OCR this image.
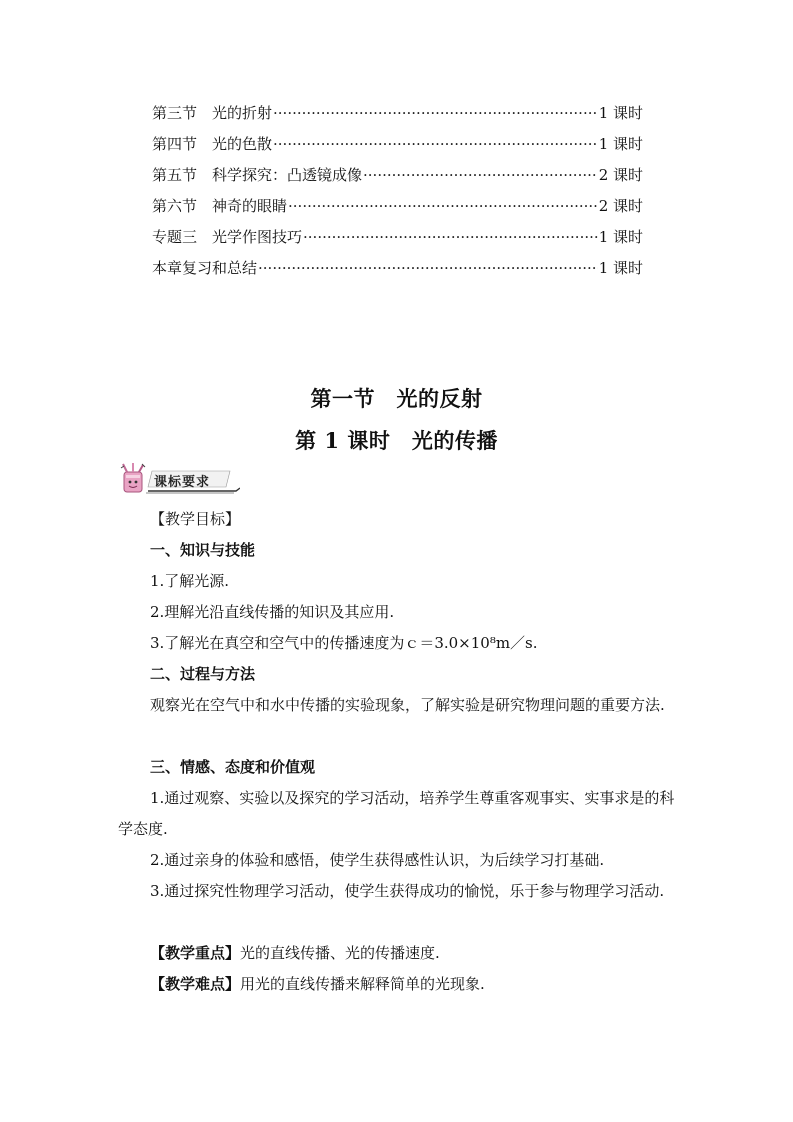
第三节　光的折射 ·····	1 课时
第四节　光的色散 ·····	1 课时
第五节　科学探究：凸透镜成像 ·····	2 课时
第六节　神奇的眼睛 ·····	2 课时
专题三　光学作图技巧 ·····	1 课时
本章复习和总结 ·····	1 课时
第一节　光的反射
第 1 课时　光的传播
课标要求
【教学目标】
一、知识与技能
1.了解光源.
2.理解光沿直线传播的知识及其应用.
3.了解光在真空和空气中的传播速度为ｃ＝3.0×10⁸m／s.
二、过程与方法
观察光在空气中和水中传播的实验现象，了解实验是研究物理问题的重要方法.
三、情感、态度和价值观
1.通过观察、实验以及探究的学习活动，培养学生尊重客观事实、实事求是的科学态度.
2.通过亲身的体验和感悟，使学生获得感性认识，为后续学习打基础.
3.通过探究性物理学习活动，使学生获得成功的愉悦，乐于参与物理学习活动.
【教学重点】光的直线传播、光的传播速度.
【教学难点】用光的直线传播来解释简单的光现象.
